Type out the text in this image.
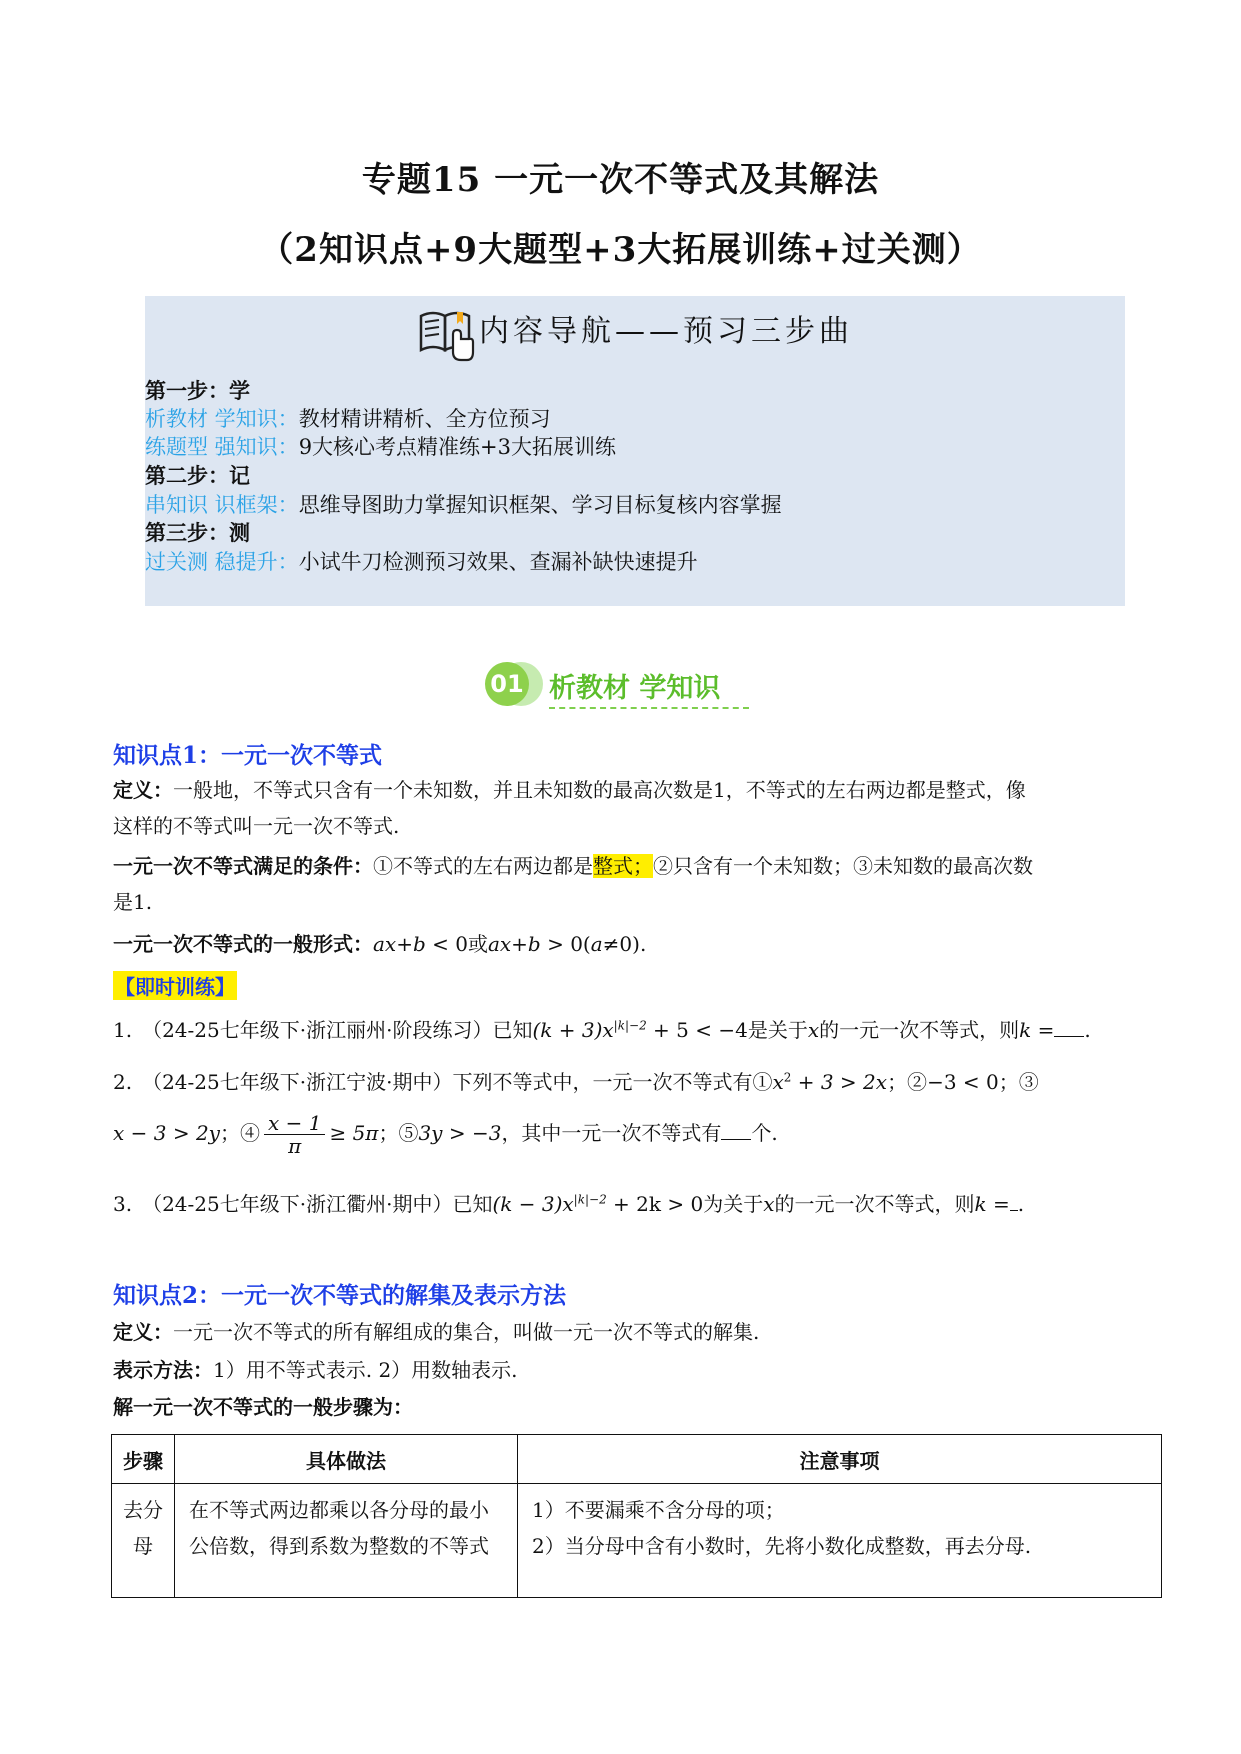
专题15 一元一次不等式及其解法
（2知识点+9大题型+3大拓展训练+过关测）
内容导航——预习三步曲
第一步：学
析教材 学知识：教材精讲精析、全方位预习
练题型 强知识：9大核心考点精准练+3大拓展训练
第二步：记
串知识 识框架：思维导图助力掌握知识框架、学习目标复核内容掌握
第三步：测
过关测 稳提升：小试牛刀检测预习效果、查漏补缺快速提升
01 析教材 学知识
知识点1：一元一次不等式
定义：一般地，不等式只含有一个未知数，并且未知数的最高次数是1，不等式的左右两边都是整式，像
这样的不等式叫一元一次不等式.
一元一次不等式满足的条件：①不等式的左右两边都是整式；②只含有一个未知数；③未知数的最高次数
是1.
一元一次不等式的一般形式：ax+b < 0或ax+b > 0(a≠0).
【即时训练】
1.　（24-25七年级下·浙江丽州·阶段练习）已知$(k + 3)x^{|k|-2} + 5 < -4$是关于x的一元一次不等式，则k = .
2.　（24-25七年级下·浙江宁波·期中）下列不等式中，一元一次不等式有$①x^2 + 3 > 2x$；②−3 < 0；③
x − 3 > 2y；④ $\frac{x - 1}{\pi} \ge 5\pi$；⑤3y > −3，其中一元一次不等式有 个.
3.　（24-25七年级下·浙江衢州·期中）已知$(k - 3)x^{|k|-2} + 2k > 0$为关于x的一元一次不等式，则k = .
知识点2：一元一次不等式的解集及表示方法
定义：一元一次不等式的所有解组成的集合，叫做一元一次不等式的解集.
表示方法：1）用不等式表示. 2）用数轴表示.
解一元一次不等式的一般步骤为：
步骤	具体做法	注意事项
去分母	在不等式两边都乘以各分母的最小公倍数，得到系数为整数的不等式	1）不要漏乘不含分母的项；
2）当分母中含有小数时，先将小数化成整数，再去分母.
